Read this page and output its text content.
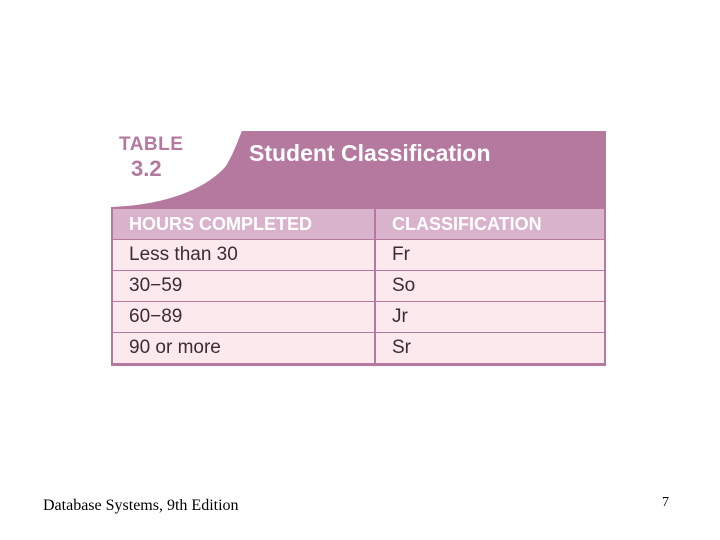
TABLE
3.2
Student Classification
HOURS COMPLETED	CLASSIFICATION
Less than 30	Fr
30−59	So
60−89	Jr
90 or more	Sr
Database Systems, 9th Edition	7
